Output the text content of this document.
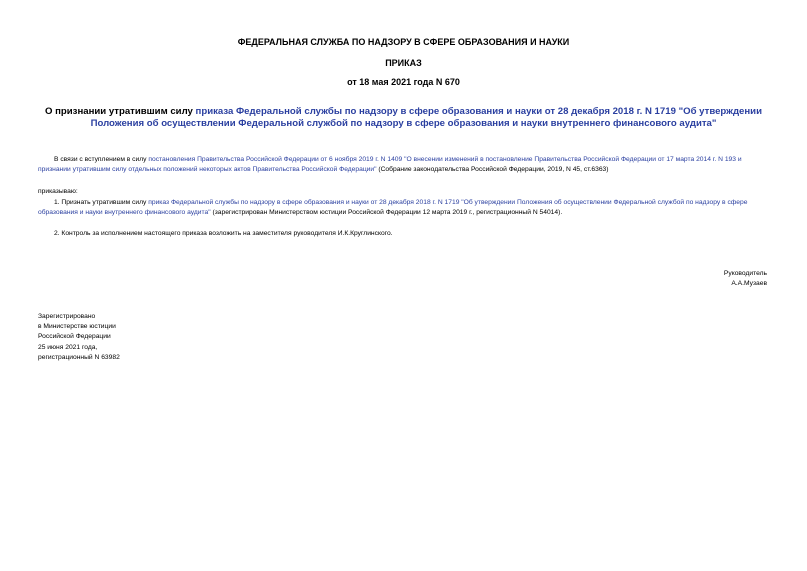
ФЕДЕРАЛЬНАЯ СЛУЖБА ПО НАДЗОРУ В СФЕРЕ ОБРАЗОВАНИЯ И НАУКИ
ПРИКАЗ
от 18 мая 2021 года N 670
О признании утратившим силу приказа Федеральной службы по надзору в сфере образования и науки от 28 декабря 2018 г. N 1719 "Об утверждении Положения об осуществлении Федеральной службой по надзору в сфере образования и науки внутреннего финансового аудита"
В связи с вступлением в силу постановления Правительства Российской Федерации от 6 ноября 2019 г. N 1409 "О внесении изменений в постановление Правительства Российской Федерации от 17 марта 2014 г. N 193 и признании утратившим силу отдельных положений некоторых актов Правительства Российской Федерации" (Собрание законодательства Российской Федерации, 2019, N 45, ст.6363)
приказываю:
1. Признать утратившим силу приказ Федеральной службы по надзору в сфере образования и науки от 28 декабря 2018 г. N 1719 "Об утверждении Положения об осуществлении Федеральной службой по надзору в сфере образования и науки внутреннего финансового аудита" (зарегистрирован Министерством юстиции Российской Федерации 12 марта 2019 г., регистрационный N 54014).
2. Контроль за исполнением настоящего приказа возложить на заместителя руководителя И.К.Круглинского.
Руководитель
А.А.Музаев
Зарегистрировано
в Министерстве юстиции
Российской Федерации
25 июня 2021 года,
регистрационный N 63982
